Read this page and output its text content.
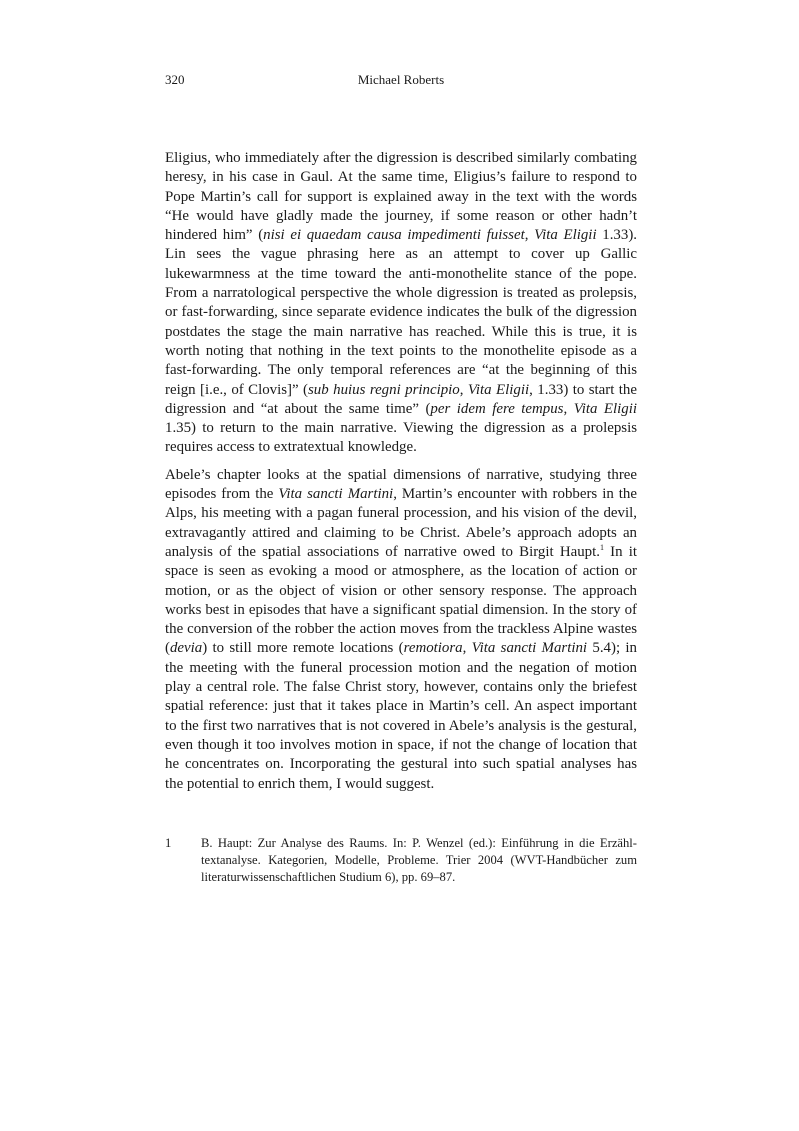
320	Michael Roberts

Eligius, who immediately after the digression is described similarly combating heresy, in his case in Gaul. At the same time, Eligius’s failure to respond to Pope Martin’s call for support is explained away in the text with the words “He would have gladly made the journey, if some reason or other hadn’t hindered him” (nisi ei quaedam causa impedimenti fuisset, Vita Eligii 1.33). Lin sees the vague phrasing here as an attempt to cover up Gallic lukewarmness at the time toward the anti-monothelite stance of the pope. From a narratological perspective the whole digression is treated as prolepsis, or fast-forwarding, since separate evidence indicates the bulk of the digression postdates the stage the main narrative has reached. While this is true, it is worth noting that nothing in the text points to the monothelite episode as a fast-forwarding. The only temporal references are “at the beginning of this reign [i.e., of Clovis]” (sub huius regni principio, Vita Eligii, 1.33) to start the digression and “at about the same time” (per idem fere tempus, Vita Eligii 1.35) to return to the main narrative. Viewing the digression as a prolepsis requires access to extratextual knowledge.

Abele’s chapter looks at the spatial dimensions of narrative, studying three episodes from the Vita sancti Martini, Martin’s encounter with robbers in the Alps, his meeting with a pagan funeral procession, and his vision of the devil, extravagantly attired and claiming to be Christ. Abele’s approach adopts an analysis of the spatial associations of narrative owed to Birgit Haupt.$^1$ In it space is seen as evoking a mood or atmosphere, as the location of action or motion, or as the object of vision or other sensory response. The approach works best in episodes that have a significant spatial dimension. In the story of the conversion of the robber the action moves from the trackless Alpine wastes (devia) to still more remote locations (remotiora, Vita sancti Martini 5.4); in the meeting with the funeral procession motion and the negation of motion play a central role. The false Christ story, however, contains only the briefest spatial reference: just that it takes place in Martin’s cell. An aspect important to the first two narratives that is not covered in Abele’s analysis is the gestural, even though it too involves motion in space, if not the change of location that he concentrates on. Incorporating the gestural into such spatial analyses has the potential to enrich them, I would suggest.

1 B. Haupt: Zur Analyse des Raums. In: P. Wenzel (ed.): Einführung in die Erzähltextanalyse. Kategorien, Modelle, Probleme. Trier 2004 (WVT-Handbücher zum literaturwissenschaftlichen Studium 6), pp. 69–87.
